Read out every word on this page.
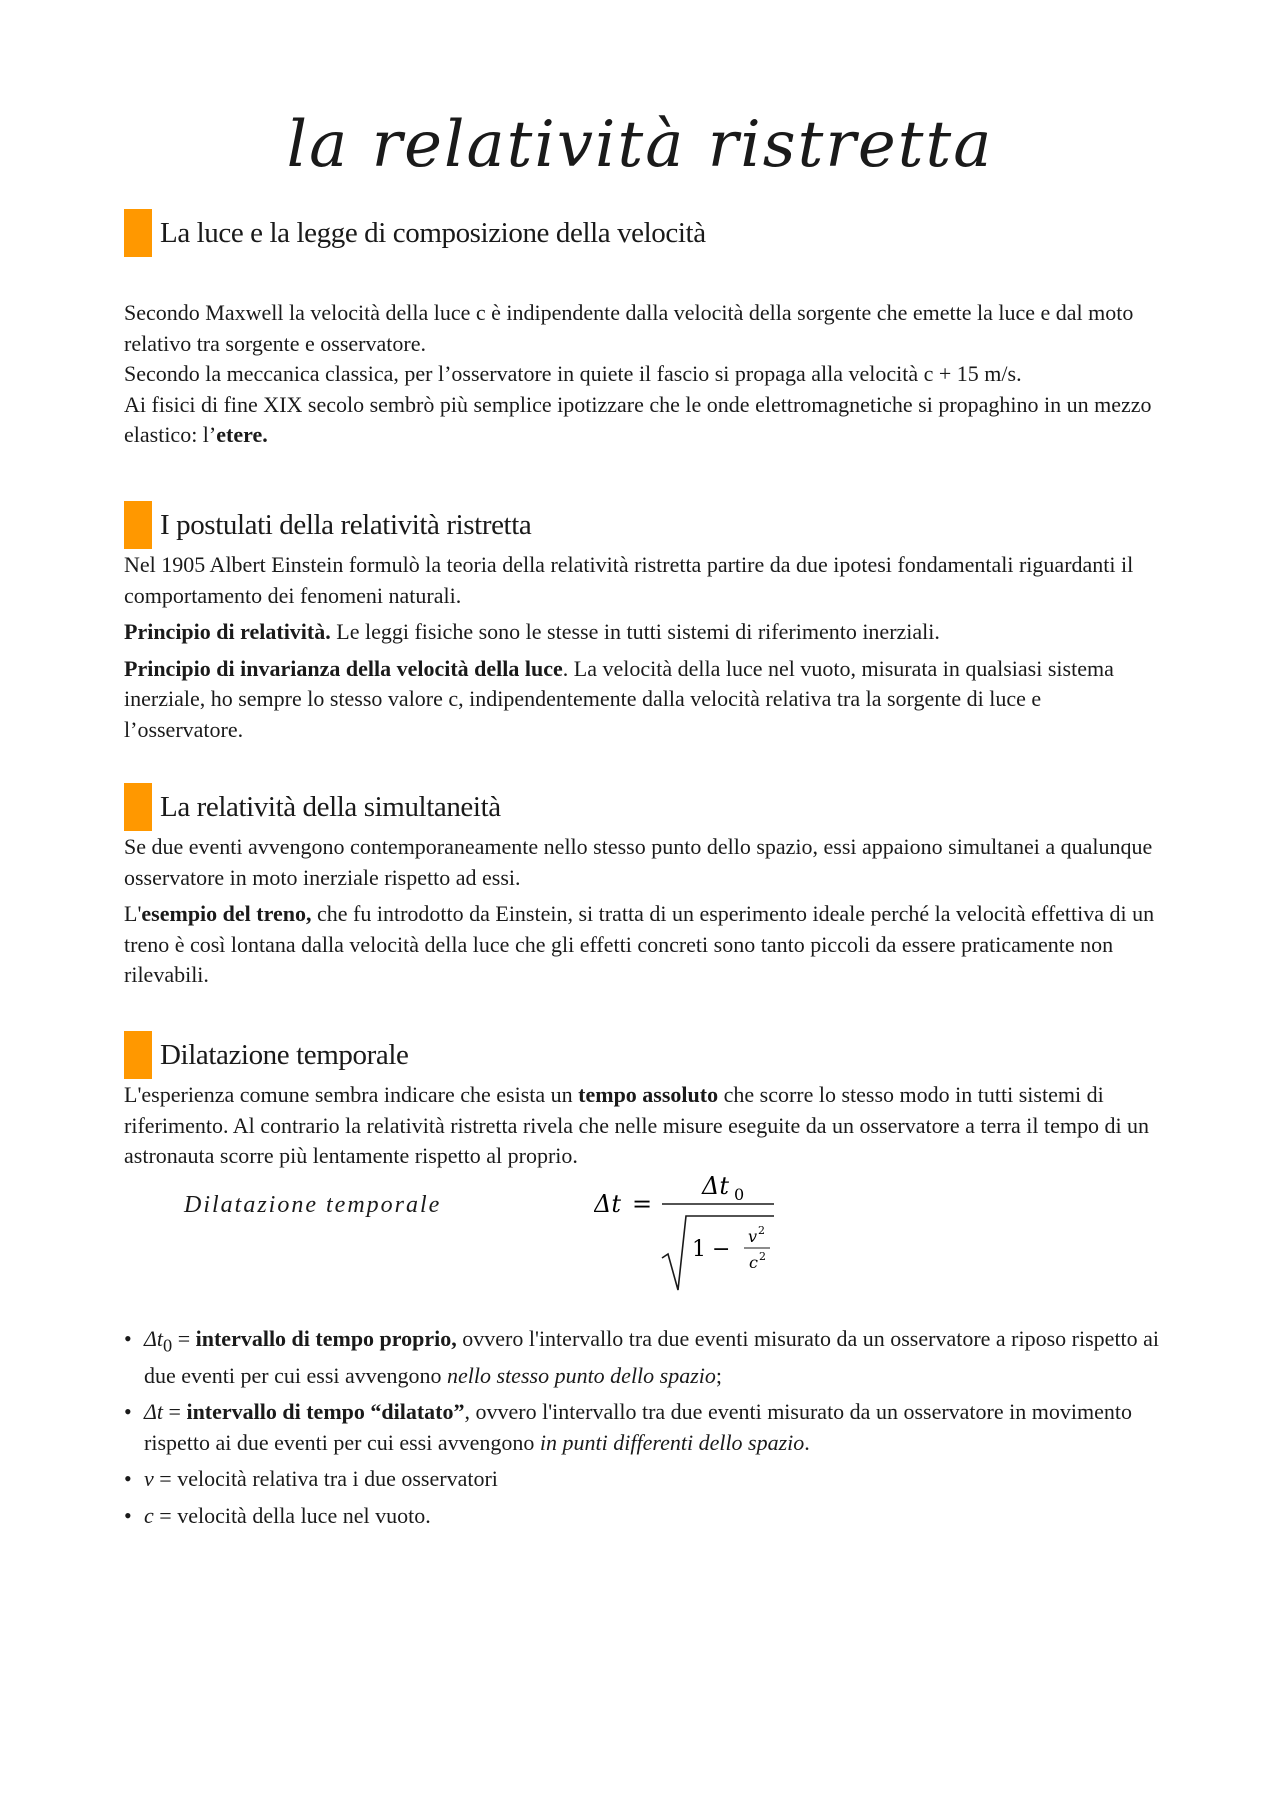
la relatività ristretta
La luce e la legge di composizione della velocità

Secondo Maxwell la velocità della luce c è indipendente dalla velocità della sorgente che emette la luce e dal moto relativo tra sorgente e osservatore.

Secondo la meccanica classica, per l’osservatore in quiete il fascio si propaga alla velocità c + 15 m/s.

Ai fisici di fine XIX secolo sembrò più semplice ipotizzare che le onde elettromagnetiche si propaghino in un mezzo elastico: l’etere.

I postulati della relatività ristretta

Nel 1905 Albert Einstein formulò la teoria della relatività ristretta partire da due ipotesi fondamentali riguardanti il comportamento dei fenomeni naturali.

Principio di relatività. Le leggi fisiche sono le stesse in tutti sistemi di riferimento inerziali.

Principio di invarianza della velocità della luce. La velocità della luce nel vuoto, misurata in qualsiasi sistema inerziale, ho sempre lo stesso valore c, indipendentemente dalla velocità relativa tra la sorgente di luce e l’osservatore.

La relatività della simultaneità

Se due eventi avvengono contemporaneamente nello stesso punto dello spazio, essi appaiono simultanei a qualunque osservatore in moto inerziale rispetto ad essi.

L'esempio del treno, che fu introdotto da Einstein, si tratta di un esperimento ideale perché la velocità effettiva di un treno è così lontana dalla velocità della luce che gli effetti concreti sono tanto piccoli da essere praticamente non rilevabili.

Dilatazione temporale

L'esperienza comune sembra indicare che esista un tempo assoluto che scorre lo stesso modo in tutti sistemi di riferimento. Al contrario la relatività ristretta rivela che nelle misure eseguite da un osservatore a terra il tempo di un astronauta scorre più lentamente rispetto al proprio.

Dilatazione temporale	Δt =
Δt 0
1 −
v 2
c 2
• $\Delta t_0$ = intervallo di tempo proprio, ovvero l'intervallo tra due eventi misurato da un osservatore a riposo rispetto ai due eventi per cui essi avvengono nello stesso punto dello spazio;
• Δt = intervallo di tempo “dilatato”, ovvero l'intervallo tra due eventi misurato da un osservatore in movimento rispetto ai due eventi per cui essi avvengono in punti differenti dello spazio.
• v = velocità relativa tra i due osservatori
• c = velocità della luce nel vuoto.
